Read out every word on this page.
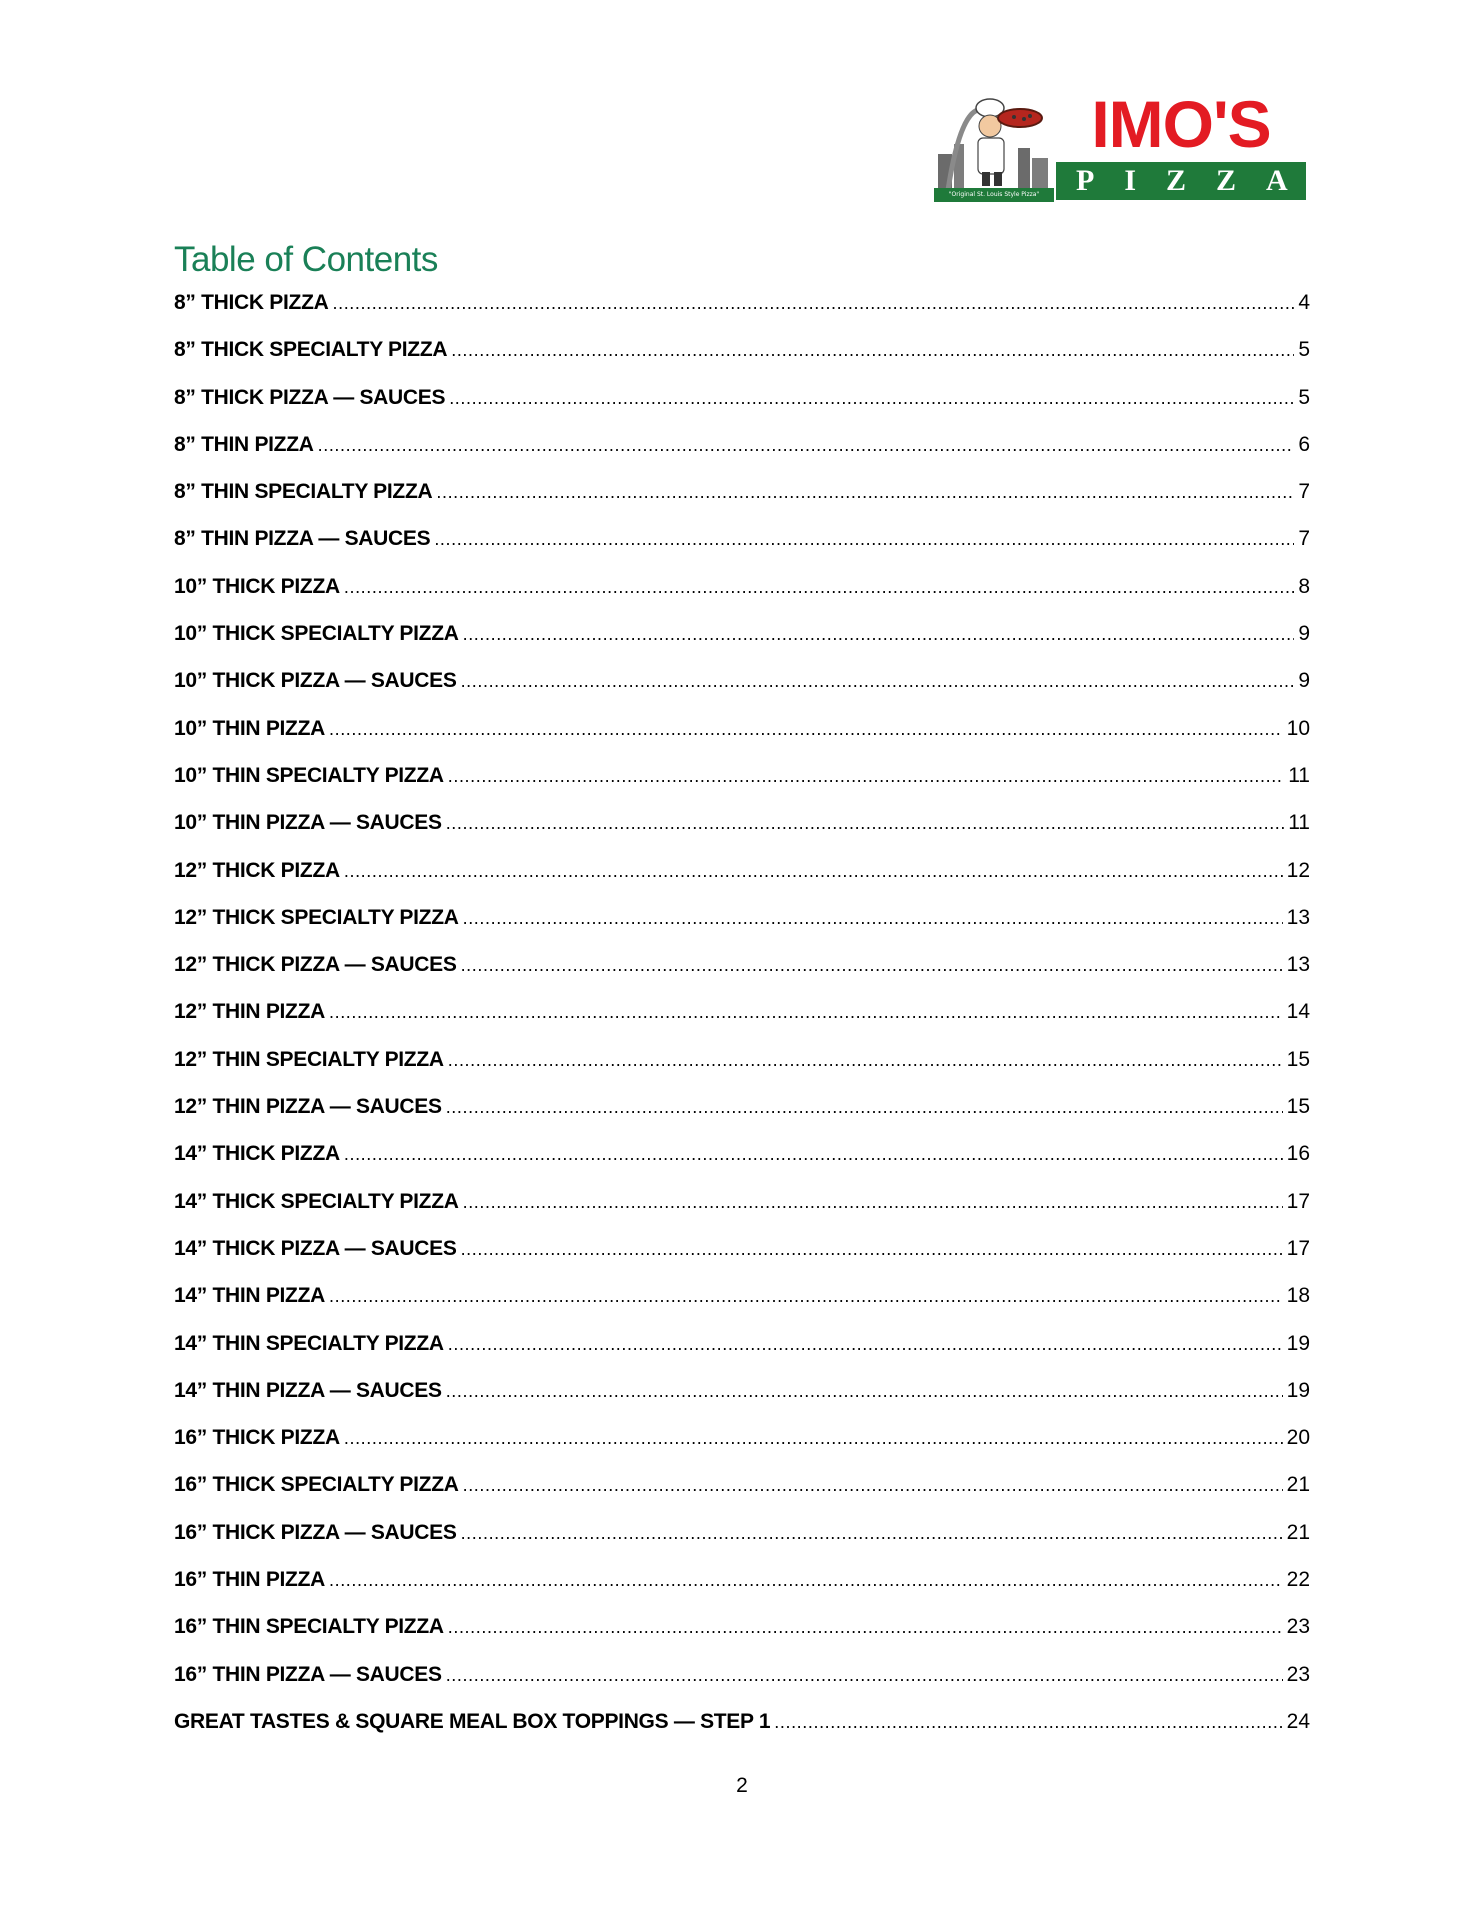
"Original St. Louis Style Pizza"
IMO'S
PIZZA
Table of Contents
8” THICK PIZZA . . .	4
8” THICK SPECIALTY PIZZA . . .	5
8” THICK PIZZA — SAUCES . . .	5
8” THIN PIZZA . . .	6
8” THIN SPECIALTY PIZZA . . .	7
8” THIN PIZZA — SAUCES . . .	7
10” THICK PIZZA . . .	8
10” THICK SPECIALTY PIZZA . . .	9
10” THICK PIZZA — SAUCES . . .	9
10” THIN PIZZA . . .	10
10” THIN SPECIALTY PIZZA . . .	11
10” THIN PIZZA — SAUCES . . .	11
12” THICK PIZZA . . .	12
12” THICK SPECIALTY PIZZA . . .	13
12” THICK PIZZA — SAUCES . . .	13
12” THIN PIZZA . . .	14
12” THIN SPECIALTY PIZZA . . .	15
12” THIN PIZZA — SAUCES . . .	15
14” THICK PIZZA . . .	16
14” THICK SPECIALTY PIZZA . . .	17
14” THICK PIZZA — SAUCES . . .	17
14” THIN PIZZA . . .	18
14” THIN SPECIALTY PIZZA . . .	19
14” THIN PIZZA — SAUCES . . .	19
16” THICK PIZZA . . .	20
16” THICK SPECIALTY PIZZA . . .	21
16” THICK PIZZA — SAUCES . . .	21
16” THIN PIZZA . . .	22
16” THIN SPECIALTY PIZZA . . .	23
16” THIN PIZZA — SAUCES . . .	23
GREAT TASTES & SQUARE MEAL BOX TOPPINGS — STEP 1 . . .	24
2
